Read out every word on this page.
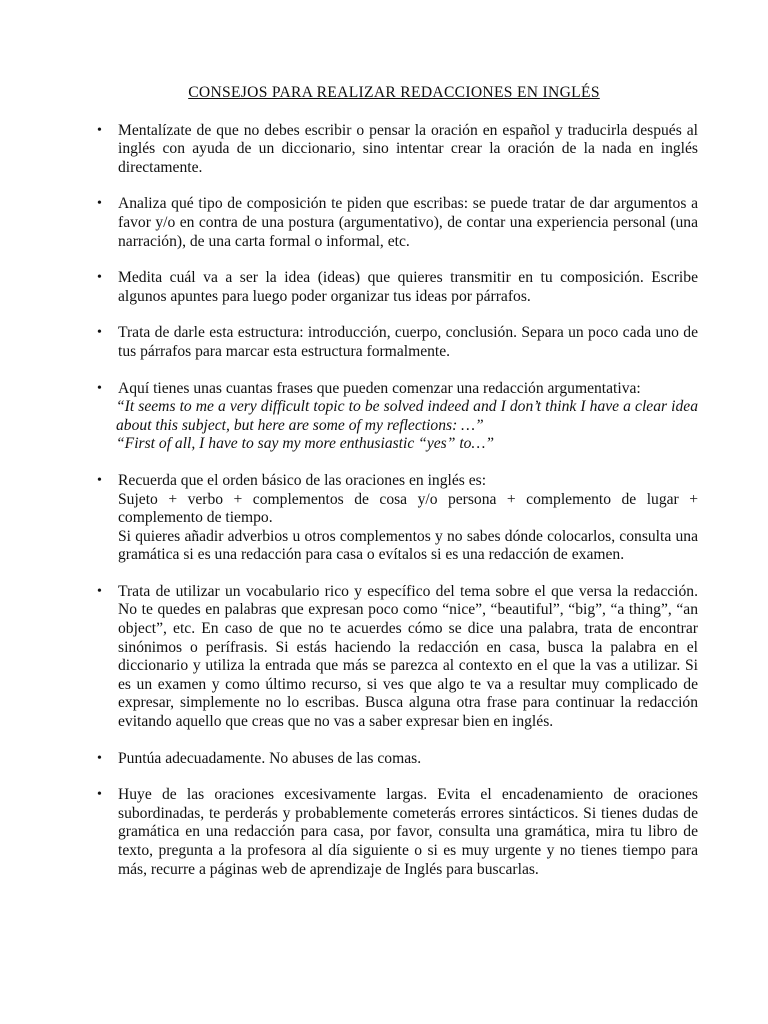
CONSEJOS PARA REALIZAR REDACCIONES EN INGLÉS
• Mentalízate de que no debes escribir o pensar la oración en español y traducirla después al inglés con ayuda de un diccionario, sino intentar crear la oración de la nada en inglés directamente.
• Analiza qué tipo de composición te piden que escribas: se puede tratar de dar argumentos a favor y/o en contra de una postura (argumentativo), de contar una experiencia personal (una narración), de una carta formal o informal, etc.
• Medita cuál va a ser la idea (ideas) que quieres transmitir en tu composición. Escribe algunos apuntes para luego poder organizar tus ideas por párrafos.
• Trata de darle esta estructura: introducción, cuerpo, conclusión. Separa un poco cada uno de tus párrafos para marcar esta estructura formalmente.
• Aquí tienes unas cuantas frases que pueden comenzar una redacción argumentativa:
“It seems to me a very difficult topic to be solved indeed and I don’t think I have a clear idea about this subject, but here are some of my reflections: …”
“First of all, I have to say my more enthusiastic “yes” to…”
• Recuerda que el orden básico de las oraciones en inglés es:
Sujeto + verbo + complementos de cosa y/o persona + complemento de lugar + complemento de tiempo.
Si quieres añadir adverbios u otros complementos y no sabes dónde colocarlos, consulta una gramática si es una redacción para casa o evítalos si es una redacción de examen.
• Trata de utilizar un vocabulario rico y específico del tema sobre el que versa la redacción. No te quedes en palabras que expresan poco como “nice”, “beautiful”, “big”, “a thing”, “an object”, etc. En caso de que no te acuerdes cómo se dice una palabra, trata de encontrar sinónimos o perífrasis. Si estás haciendo la redacción en casa, busca la palabra en el diccionario y utiliza la entrada que más se parezca al contexto en el que la vas a utilizar. Si es un examen y como último recurso, si ves que algo te va a resultar muy complicado de expresar, simplemente no lo escribas. Busca alguna otra frase para continuar la redacción evitando aquello que creas que no vas a saber expresar bien en inglés.
• Puntúa adecuadamente. No abuses de las comas.
• Huye de las oraciones excesivamente largas. Evita el encadenamiento de oraciones subordinadas, te perderás y probablemente cometerás errores sintácticos. Si tienes dudas de gramática en una redacción para casa, por favor, consulta una gramática, mira tu libro de texto, pregunta a la profesora al día siguiente o si es muy urgente y no tienes tiempo para más, recurre a páginas web de aprendizaje de Inglés para buscarlas.
